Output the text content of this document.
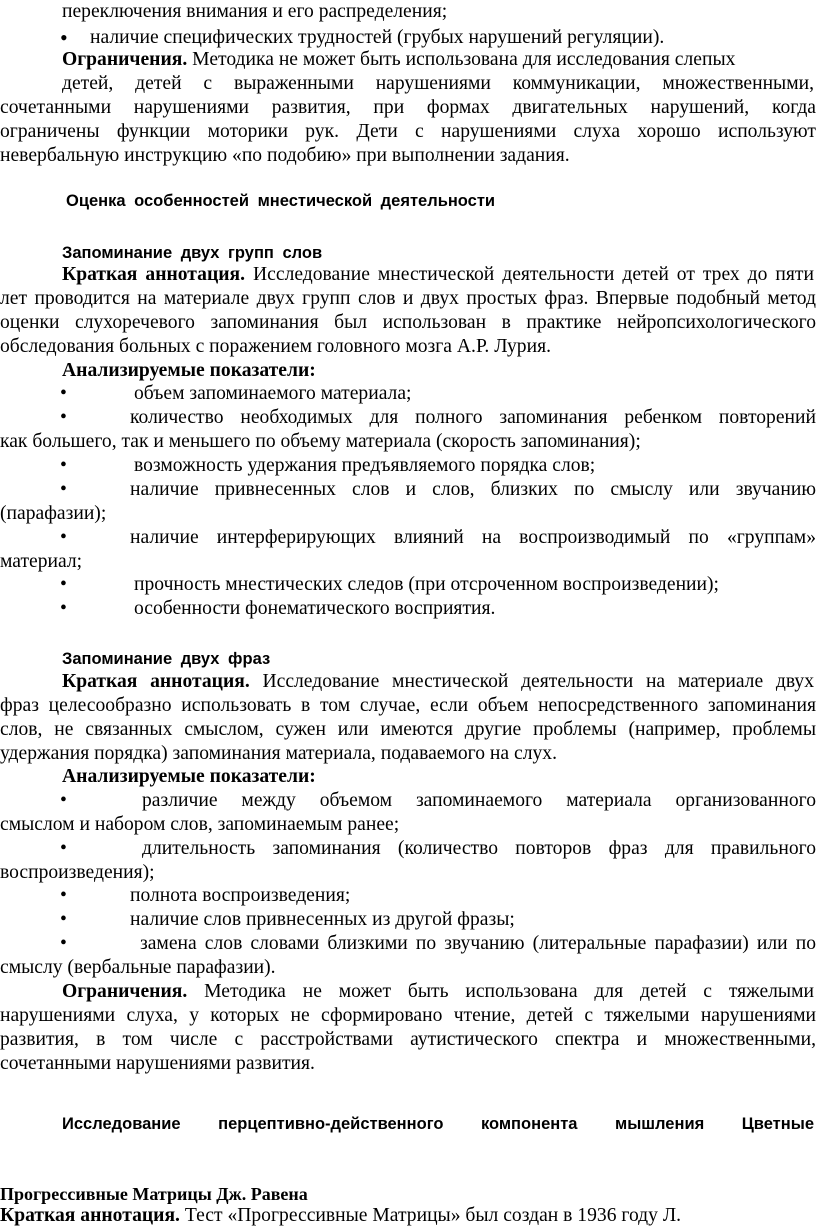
переключения внимания и его распределения;
• наличие специфических трудностей (грубых нарушений регуляции).
Ограничения. Методика не может быть использована для исследования слепых
детей, детей с выраженными нарушениями коммуникации, множественными,
сочетанными нарушениями развития, при формах двигательных нарушений, когда
ограничены функции моторики рук. Дети с нарушениями слуха хорошо используют
невербальную инструкцию «по подобию» при выполнении задания.
Оценка особенностей мнестической деятельности
Запоминание двух групп слов
Краткая аннотация. Исследование мнестической деятельности детей от трех до пяти
лет проводится на материале двух групп слов и двух простых фраз. Впервые подобный метод
оценки слухоречевого запоминания был использован в практике нейропсихологического
обследования больных с поражением головного мозга А.Р. Лурия.
Анализируемые показатели:
•	объем запоминаемого материала;
•	количество необходимых для полного запоминания ребенком повторений
как большего, так и меньшего по объему материала (скорость запоминания);
•	возможность удержания предъявляемого порядка слов;
•	наличие привнесенных слов и слов, близких по смыслу или звучанию
(парафазии);
•	наличие интерферирующих влияний на воспроизводимый по «группам»
материал;
•	прочность мнестических следов (при отсроченном воспроизведении);
•	особенности фонематического восприятия.
Запоминание двух фраз
Краткая аннотация. Исследование мнестической деятельности на материале двух
фраз целесообразно использовать в том случае, если объем непосредственного запоминания
слов, не связанных смыслом, сужен или имеются другие проблемы (например, проблемы
удержания порядка) запоминания материала, подаваемого на слух.
Анализируемые показатели:
•	различие между объемом запоминаемого материала организованного
смыслом и набором слов, запоминаемым ранее;
•	длительность запоминания (количество повторов фраз для правильного
воспроизведения);
•	полнота воспроизведения;
•	наличие слов привнесенных из другой фразы;
•	замена слов словами близкими по звучанию (литеральные парафазии) или по
смыслу (вербальные парафазии).
Ограничения. Методика не может быть использована для детей с тяжелыми
нарушениями слуха, у которых не сформировано чтение, детей с тяжелыми нарушениями
развития, в том числе с расстройствами аутистического спектра и множественными,
сочетанными нарушениями развития.
Исследование перцептивно-действенного компонента мышления Цветные
Прогрессивные Матрицы Дж. Равена
Краткая аннотация. Тест «Прогрессивные Матрицы» был создан в 1936 году Л.
